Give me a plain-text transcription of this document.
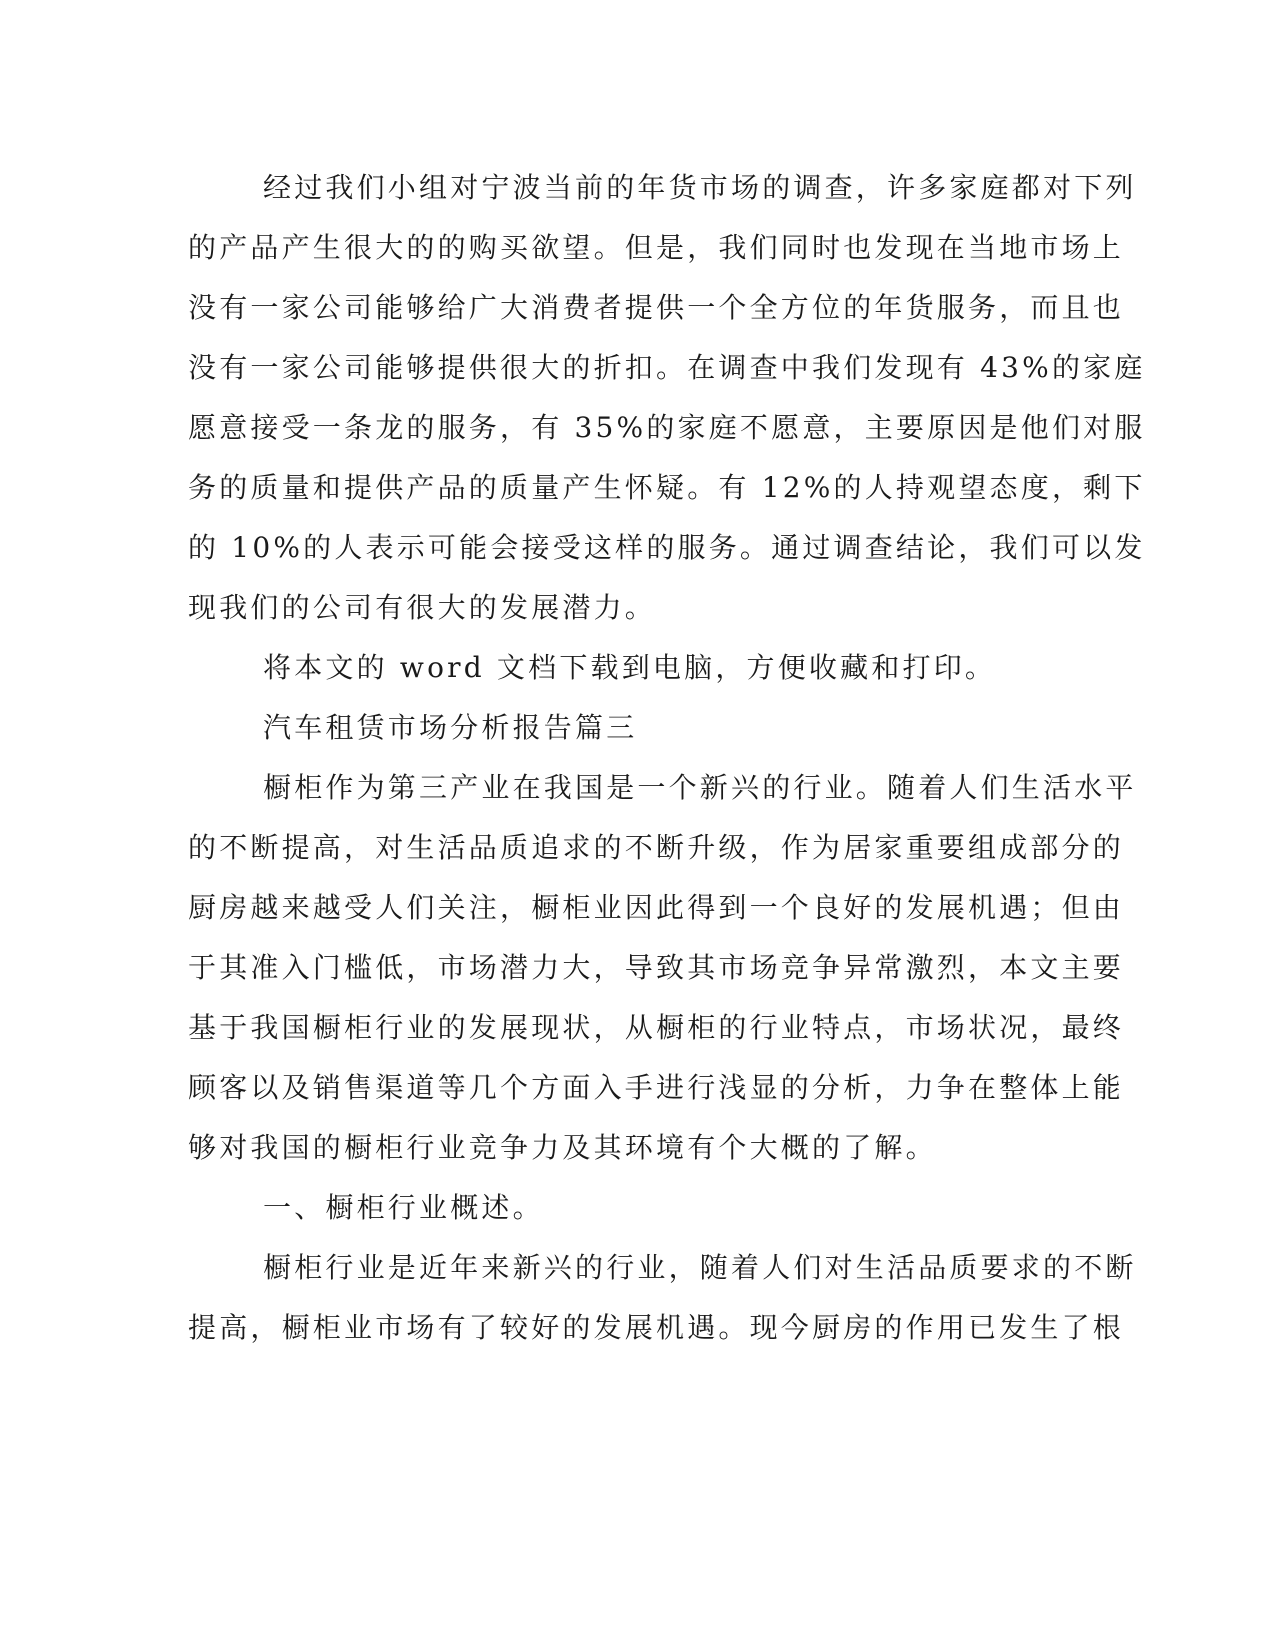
经过我们小组对宁波当前的年货市场的调查，许多家庭都对下列
的产品产生很大的的购买欲望。但是，我们同时也发现在当地市场上
没有一家公司能够给广大消费者提供一个全方位的年货服务，而且也
没有一家公司能够提供很大的折扣。在调查中我们发现有 43%的家庭
愿意接受一条龙的服务，有 35%的家庭不愿意，主要原因是他们对服
务的质量和提供产品的质量产生怀疑。有 12%的人持观望态度，剩下
的 10%的人表示可能会接受这样的服务。通过调查结论，我们可以发
现我们的公司有很大的发展潜力。

将本文的 word 文档下载到电脑，方便收藏和打印。

汽车租赁市场分析报告篇三

橱柜作为第三产业在我国是一个新兴的行业。随着人们生活水平
的不断提高，对生活品质追求的不断升级，作为居家重要组成部分的
厨房越来越受人们关注，橱柜业因此得到一个良好的发展机遇；但由
于其准入门槛低，市场潜力大，导致其市场竞争异常激烈，本文主要
基于我国橱柜行业的发展现状，从橱柜的行业特点，市场状况，最终
顾客以及销售渠道等几个方面入手进行浅显的分析，力争在整体上能
够对我国的橱柜行业竞争力及其环境有个大概的了解。

一、橱柜行业概述。

橱柜行业是近年来新兴的行业，随着人们对生活品质要求的不断
提高，橱柜业市场有了较好的发展机遇。现今厨房的作用已发生了根
